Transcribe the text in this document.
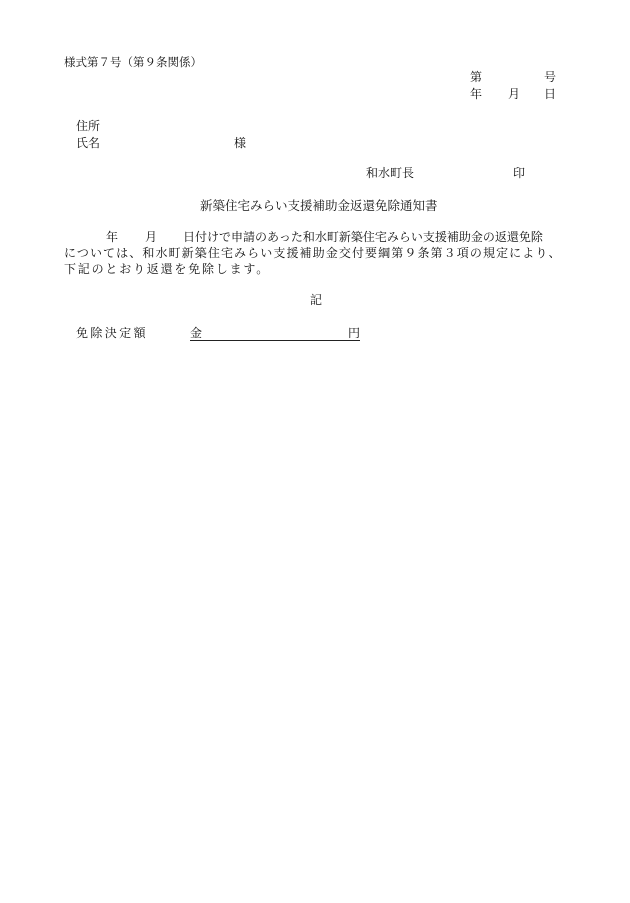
様式第７号（第９条関係）
第	号
年 月 日
住所
氏名	様
和水町長	印
新築住宅みらい支援補助金返還免除通知書
年 月 日付けで申請のあった和水町新築住宅みらい支援補助金の返還免除
については、和水町新築住宅みらい支援補助金交付要綱第９条第３項の規定により、
下記のとおり返還を免除します。
記
免除決定額	金	円
